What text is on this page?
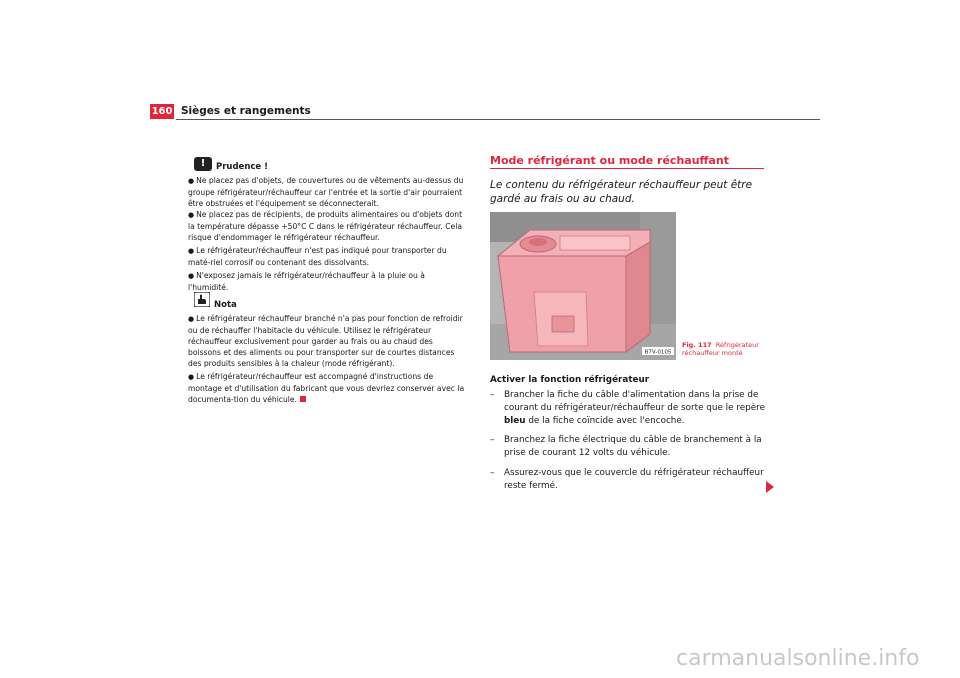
160 Sièges et rangements
!	Prudence !
● Ne placez pas d'objets, de couvertures ou de vêtements au-dessus du groupe réfrigérateur/réchauffeur car l'entrée et la sortie d'air pourraient être obstruées et l'équipement se déconnecterait.
● Ne placez pas de récipients, de produits alimentaires ou d'objets dont la température dépasse +50°C C dans le réfrigérateur réchauffeur. Cela risque d'endommager le réfrigérateur réchauffeur.
● Le réfrigérateur/réchauffeur n'est pas indiqué pour transporter du maté-riel corrosif ou contenant des dissolvants.
● N'exposez jamais le réfrigérateur/réchauffeur à la pluie ou à l'humidité.
Nota
● Le réfrigérateur réchauffeur branché n'a pas pour fonction de refroidir ou de réchauffer l'habitacle du véhicule. Utilisez le réfrigérateur réchauffeur exclusivement pour garder au frais ou au chaud des boissons et des aliments ou pour transporter sur de courtes distances des produits sensibles à la chaleur (mode réfrigérant).
● Le réfrigérateur/réchauffeur est accompagné d'instructions de montage et d'utilisation du fabricant que vous devriez conserver avec la documenta-tion du véhicule.
Mode réfrigérant ou mode réchauffant
Le contenu du réfrigérateur réchauffeur peut être gardé au frais ou au chaud.
B7V-0105
Fig. 117 Réfrigérateur réchauffeur monté
Activer la fonction réfrigérateur
– Brancher la fiche du câble d'alimentation dans la prise de courant du réfrigérateur/réchauffeur de sorte que le repère bleu de la fiche coïncide avec l'encoche.
– Branchez la fiche électrique du câble de branchement à la prise de courant 12 volts du véhicule.
– Assurez-vous que le couvercle du réfrigérateur réchauffeur reste fermé.
carmanualsonline.info
